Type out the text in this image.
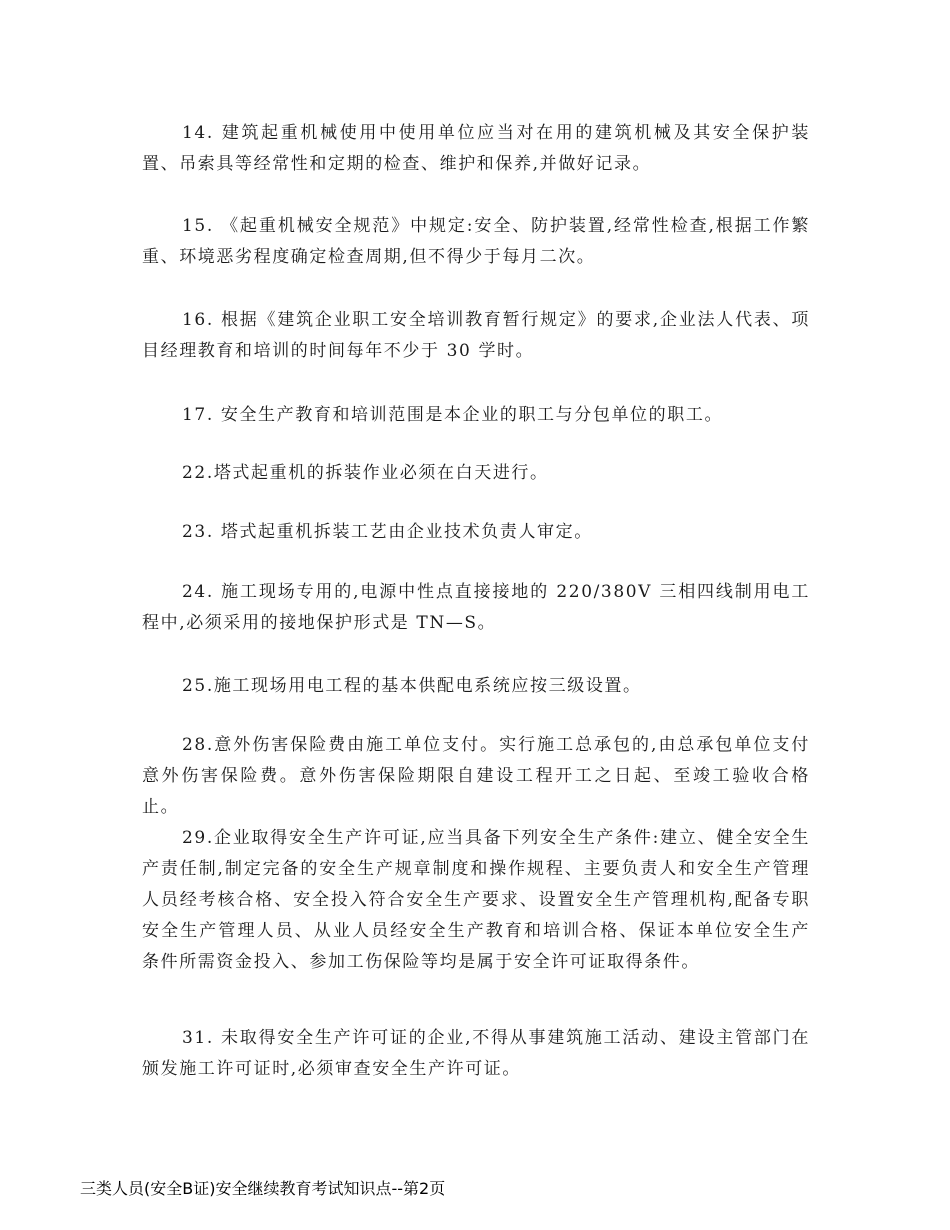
14. 建筑起重机械使用中使用单位应当对在用的建筑机械及其安全保护装置、吊索具等经常性和定期的检查、维护和保养,并做好记录。

15. 《起重机械安全规范》中规定:安全、防护装置,经常性检查,根据工作繁重、环境恶劣程度确定检查周期,但不得少于每月二次。

16. 根据《建筑企业职工安全培训教育暂行规定》的要求,企业法人代表、项目经理教育和培训的时间每年不少于 30 学时。

17. 安全生产教育和培训范围是本企业的职工与分包单位的职工。

22.塔式起重机的拆装作业必须在白天进行。

23. 塔式起重机拆装工艺由企业技术负责人审定。

24. 施工现场专用的,电源中性点直接接地的 220/380V 三相四线制用电工程中,必须采用的接地保护形式是 TN—S。

25.施工现场用电工程的基本供配电系统应按三级设置。

28.意外伤害保险费由施工单位支付。实行施工总承包的,由总承包单位支付意外伤害保险费。意外伤害保险期限自建设工程开工之日起、至竣工验收合格止。

29.企业取得安全生产许可证,应当具备下列安全生产条件:建立、健全安全生产责任制,制定完备的安全生产规章制度和操作规程、主要负责人和安全生产管理人员经考核合格、安全投入符合安全生产要求、设置安全生产管理机构,配备专职安全生产管理人员、从业人员经安全生产教育和培训合格、保证本单位安全生产条件所需资金投入、参加工伤保险等均是属于安全许可证取得条件。

31. 未取得安全生产许可证的企业,不得从事建筑施工活动、建设主管部门在颁发施工许可证时,必须审查安全生产许可证。

三类人员(安全B证)安全继续教育考试知识点--第2页
